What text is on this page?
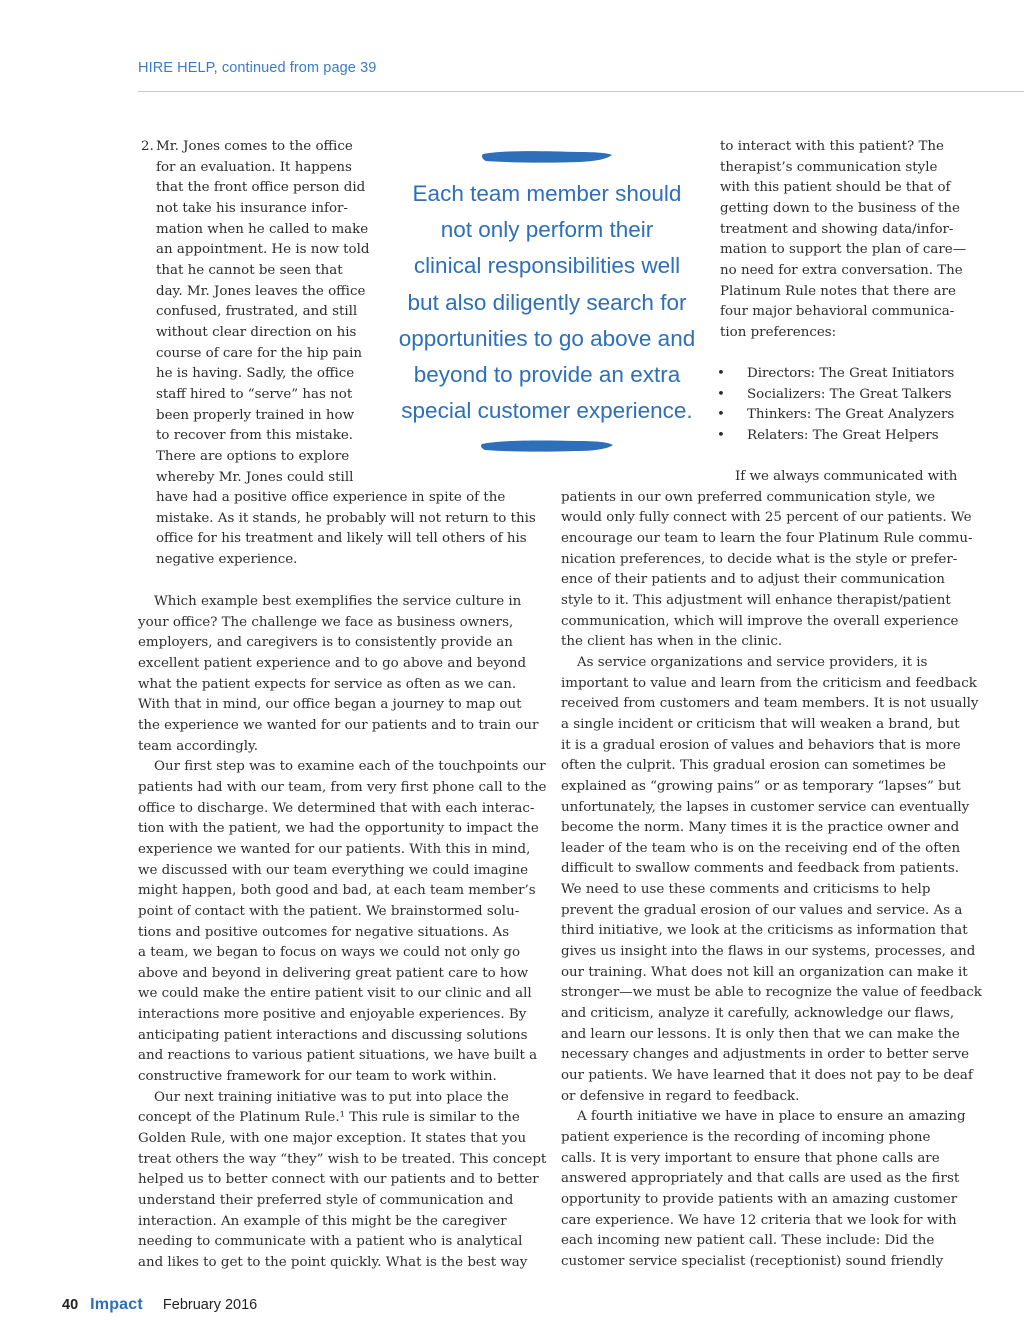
HIRE HELP, continued from page 39
2. Mr. Jones comes to the office
for an evaluation. It happens
that the front office person did
not take his insurance infor-
mation when he called to make
an appointment. He is now told
that he cannot be seen that
day. Mr. Jones leaves the office
confused, frustrated, and still
without clear direction on his
course of care for the hip pain
he is having. Sadly, the office
staff hired to “serve” has not
been properly trained in how
to recover from this mistake.
There are options to explore
whereby Mr. Jones could still
have had a positive office experience in spite of the
mistake. As it stands, he probably will not return to this
office for his treatment and likely will tell others of his
negative experience.
Each team member should
not only perform their
clinical responsibilities well
but also diligently search for
opportunities to go above and
beyond to provide an extra
special customer experience.
Which example best exemplifies the service culture in
your office? The challenge we face as business owners,
employers, and caregivers is to consistently provide an
excellent patient experience and to go above and beyond
what the patient expects for service as often as we can.
With that in mind, our office began a journey to map out
the experience we wanted for our patients and to train our
team accordingly.
Our first step was to examine each of the touchpoints our
patients had with our team, from very first phone call to the
office to discharge. We determined that with each interac-
tion with the patient, we had the opportunity to impact the
experience we wanted for our patients. With this in mind,
we discussed with our team everything we could imagine
might happen, both good and bad, at each team member’s
point of contact with the patient. We brainstormed solu-
tions and positive outcomes for negative situations. As
a team, we began to focus on ways we could not only go
above and beyond in delivering great patient care to how
we could make the entire patient visit to our clinic and all
interactions more positive and enjoyable experiences. By
anticipating patient interactions and discussing solutions
and reactions to various patient situations, we have built a
constructive framework for our team to work within.
Our next training initiative was to put into place the
concept of the Platinum Rule.¹ This rule is similar to the
Golden Rule, with one major exception. It states that you
treat others the way “they” wish to be treated. This concept
helped us to better connect with our patients and to better
understand their preferred style of communication and
interaction. An example of this might be the caregiver
needing to communicate with a patient who is analytical
and likes to get to the point quickly. What is the best way
to interact with this patient? The
therapist’s communication style
with this patient should be that of
getting down to the business of the
treatment and showing data/infor-
mation to support the plan of care—
no need for extra conversation. The
Platinum Rule notes that there are
four major behavioral communica-
tion preferences:
• Directors: The Great Initiators
• Socializers: The Great Talkers
• Thinkers: The Great Analyzers
• Relaters: The Great Helpers
If we always communicated with
patients in our own preferred communication style, we
would only fully connect with 25 percent of our patients. We
encourage our team to learn the four Platinum Rule commu-
nication preferences, to decide what is the style or prefer-
ence of their patients and to adjust their communication
style to it. This adjustment will enhance therapist/patient
communication, which will improve the overall experience
the client has when in the clinic.
As service organizations and service providers, it is
important to value and learn from the criticism and feedback
received from customers and team members. It is not usually
a single incident or criticism that will weaken a brand, but
it is a gradual erosion of values and behaviors that is more
often the culprit. This gradual erosion can sometimes be
explained as “growing pains” or as temporary “lapses” but
unfortunately, the lapses in customer service can eventually
become the norm. Many times it is the practice owner and
leader of the team who is on the receiving end of the often
difficult to swallow comments and feedback from patients.
We need to use these comments and criticisms to help
prevent the gradual erosion of our values and service. As a
third initiative, we look at the criticisms as information that
gives us insight into the flaws in our systems, processes, and
our training. What does not kill an organization can make it
stronger—we must be able to recognize the value of feedback
and criticism, analyze it carefully, acknowledge our flaws,
and learn our lessons. It is only then that we can make the
necessary changes and adjustments in order to better serve
our patients. We have learned that it does not pay to be deaf
or defensive in regard to feedback.
A fourth initiative we have in place to ensure an amazing
patient experience is the recording of incoming phone
calls. It is very important to ensure that phone calls are
answered appropriately and that calls are used as the first
opportunity to provide patients with an amazing customer
care experience. We have 12 criteria that we look for with
each incoming new patient call. These include: Did the
customer service specialist (receptionist) sound friendly
40 Impact February 2016
